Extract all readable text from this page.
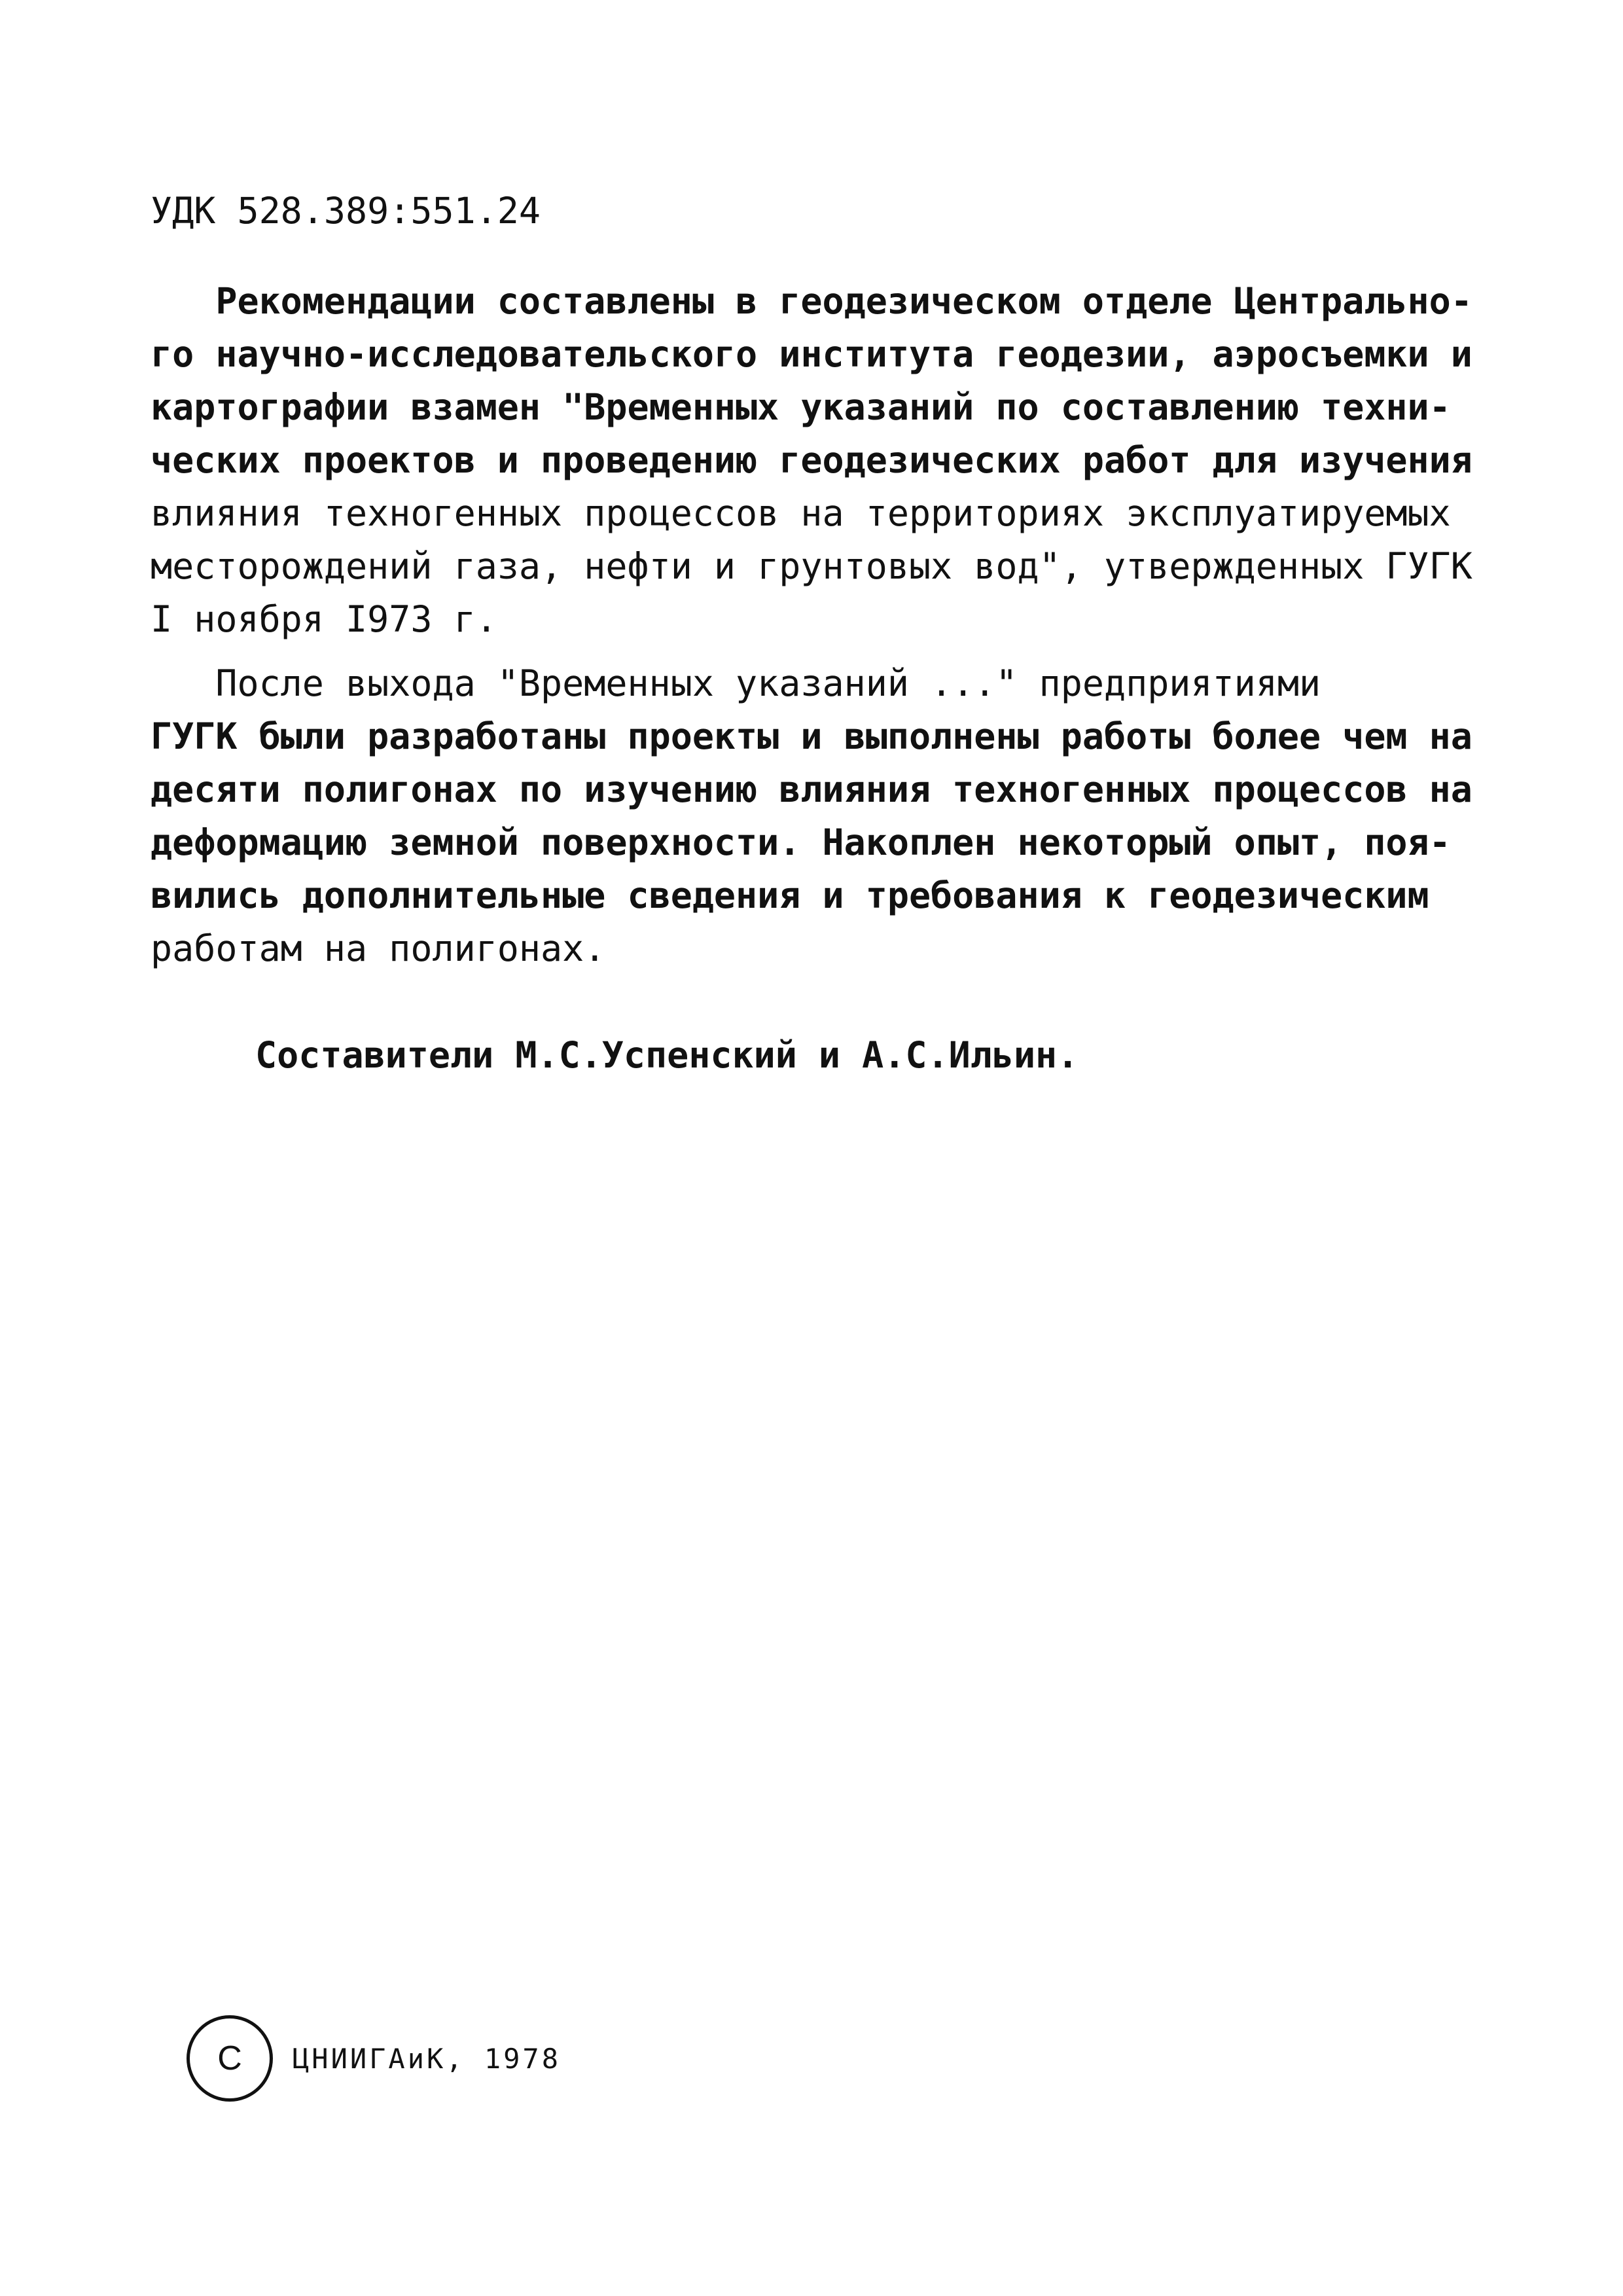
УДК 528.389:551.24
Рекомендации составлены в геодезическом отделе Центрально-
го научно-исследовательского института геодезии, аэросъемки и
картографии взамен "Временных указаний по составлению техни-
ческих проектов и проведению геодезических работ для изучения
влияния техногенных процессов на территориях эксплуатируемых
месторождений газа, нефти и грунтовых вод", утвержденных ГУГК
I ноября I973 г.
После выхода "Временных указаний ..." предприятиями
ГУГК были разработаны проекты и выполнены работы более чем на
десяти полигонах по изучению влияния техногенных процессов на
деформацию земной поверхности. Накоплен некоторый опыт, поя-
вились дополнительные сведения и требования к геодезическим
работам на полигонах.
Составители М.С.Успенский и А.С.Ильин.
C	ЦНИИГАиК, 1978
